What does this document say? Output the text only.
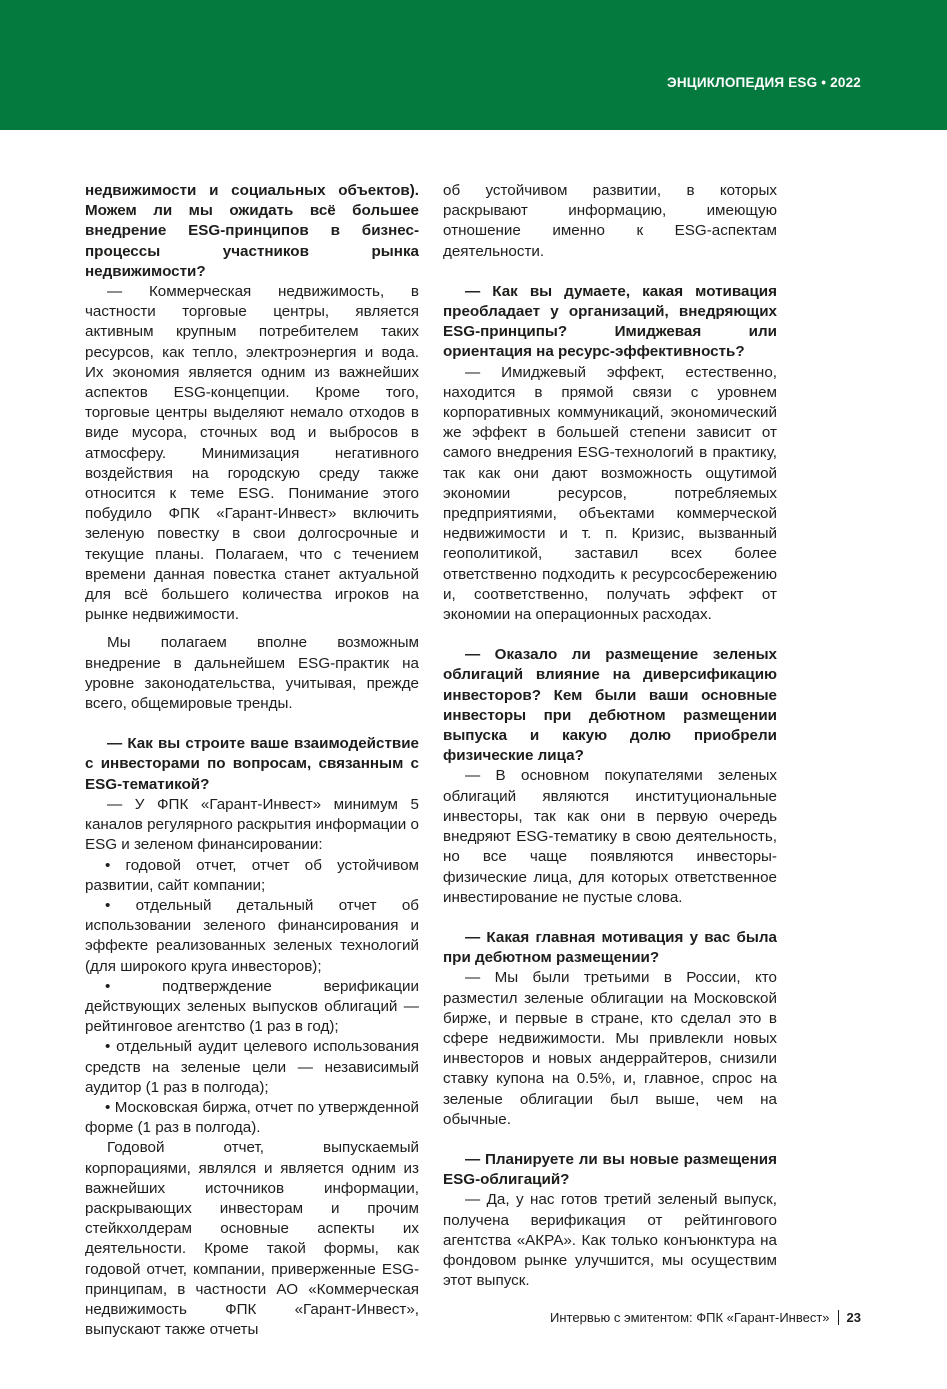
ЭНЦИКЛОПЕДИЯ ESG • 2022

недвижимости и социальных объектов). Можем ли мы ожидать всё большее внедрение ESG-принципов в бизнес-процессы участников рынка недвижимости?

— Коммерческая недвижимость, в частности торговые центры, является активным крупным потребителем таких ресурсов, как тепло, электроэнергия и вода. Их экономия является одним из важнейших аспектов ESG-концепции. Кроме того, торговые центры выделяют немало отходов в виде мусора, сточных вод и выбросов в атмосферу. Минимизация негативного воздействия на городскую среду также относится к теме ESG. Понимание этого побудило ФПК «Гарант-Инвест» включить зеленую повестку в свои долгосрочные и текущие планы. Полагаем, что с течением времени данная повестка станет актуальной для всё большего количества игроков на рынке недвижимости.

Мы полагаем вполне возможным внедрение в дальнейшем ESG-практик на уровне законодательства, учитывая, прежде всего, общемировые тренды.

— Как вы строите ваше взаимодействие с инвесторами по вопросам, связанным с ESG-тематикой?

— У ФПК «Гарант-Инвест» минимум 5 каналов регулярного раскрытия информации о ESG и зеленом финансировании:

• годовой отчет, отчет об устойчивом развитии, сайт компании;

• отдельный детальный отчет об использовании зеленого финансирования и эффекте реализованных зеленых технологий (для широкого круга инвесторов);

• подтверждение верификации действующих зеленых выпусков облигаций — рейтинговое агентство (1 раз в год);

• отдельный аудит целевого использования средств на зеленые цели — независимый аудитор (1 раз в полгода);

• Московская биржа, отчет по утвержденной форме (1 раз в полгода).

Годовой отчет, выпускаемый корпорациями, являлся и является одним из важнейших источников информации, раскрывающих инвесторам и прочим стейкхолдерам основные аспекты их деятельности. Кроме такой формы, как годовой отчет, компании, приверженные ESG-принципам, в частности АО «Коммерческая недвижимость ФПК «Гарант-Инвест», выпускают также отчеты

об устойчивом развитии, в которых раскрывают информацию, имеющую отношение именно к ESG-аспектам деятельности.

— Как вы думаете, какая мотивация преобладает у организаций, внедряющих ESG-принципы? Имиджевая или ориентация на ресурс-эффективность?

— Имиджевый эффект, естественно, находится в прямой связи с уровнем корпоративных коммуникаций, экономический же эффект в большей степени зависит от самого внедрения ESG-технологий в практику, так как они дают возможность ощутимой экономии ресурсов, потребляемых предприятиями, объектами коммерческой недвижимости и т. п. Кризис, вызванный геополитикой, заставил всех более ответственно подходить к ресурсосбережению и, соответственно, получать эффект от экономии на операционных расходах.

— Оказало ли размещение зеленых облигаций влияние на диверсификацию инвесторов? Кем были ваши основные инвесторы при дебютном размещении выпуска и какую долю приобрели физические лица?

— В основном покупателями зеленых облигаций являются институциональные инвесторы, так как они в первую очередь внедряют ESG-тематику в свою деятельность, но все чаще появляются инвесторы-физические лица, для которых ответственное инвестирование не пустые слова.

— Какая главная мотивация у вас была при дебютном размещении?

— Мы были третьими в России, кто разместил зеленые облигации на Московской бирже, и первые в стране, кто сделал это в сфере недвижимости. Мы привлекли новых инвесторов и новых андеррайтеров, снизили ставку купона на 0.5%, и, главное, спрос на зеленые облигации был выше, чем на обычные.

— Планируете ли вы новые размещения ESG-облигаций?

— Да, у нас готов третий зеленый выпуск, получена верификация от рейтингового агентства «АКРА». Как только конъюнктура на фондовом рынке улучшится, мы осуществим этот выпуск.

Интервью с эмитентом: ФПК «Гарант-Инвест» 23
